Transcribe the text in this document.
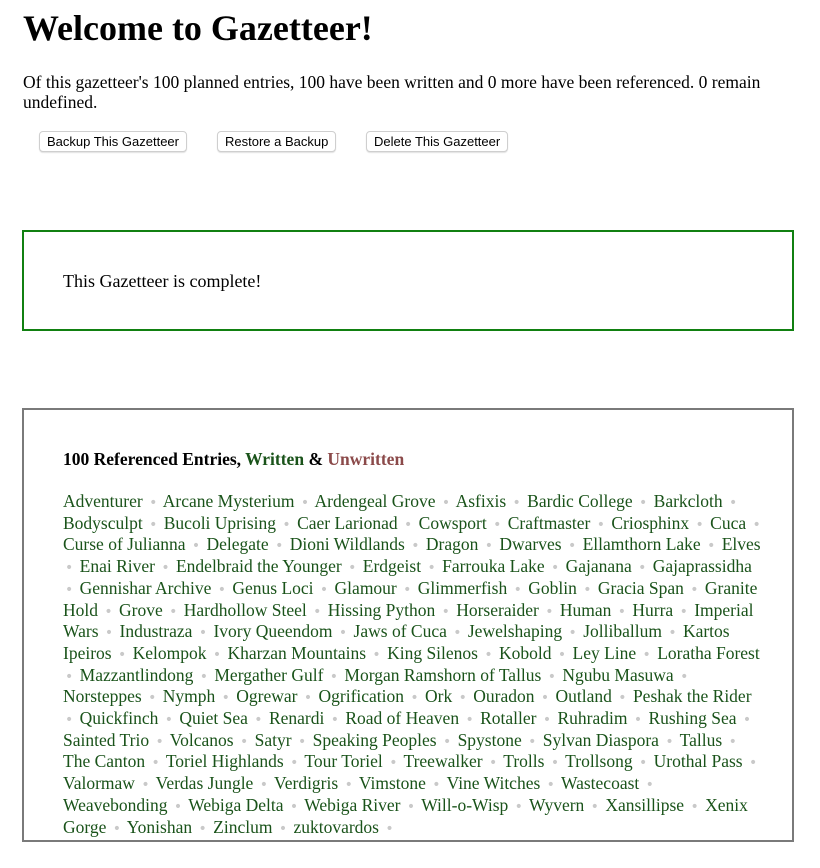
Welcome to Gazetteer!

Of this gazetteer's 100 planned entries, 100 have been written and 0 more have been referenced. 0 remain undefined.

Backup This Gazetteer	Restore a Backup	Delete This Gazetteer

This Gazetteer is complete!

100 Referenced Entries, Written & Unwritten

Adventurer • Arcane Mysterium • Ardengeal Grove • Asfixis • Bardic College • Barkcloth • Bodysculpt • Bucoli Uprising • Caer Larionad • Cowsport • Craftmaster • Criosphinx • Cuca • Curse of Julianna • Delegate • Dioni Wildlands • Dragon • Dwarves • Ellamthorn Lake • Elves • Enai River • Endelbraid the Younger • Erdgeist • Farrouka Lake • Gajanana • Gajaprassidha • Gennishar Archive • Genus Loci • Glamour • Glimmerfish • Goblin • Gracia Span • Granite Hold • Grove • Hardhollow Steel • Hissing Python • Horseraider • Human • Hurra • Imperial Wars • Industraza • Ivory Queendom • Jaws of Cuca • Jewelshaping • Jolliballum • Kartos Ipeiros • Kelompok • Kharzan Mountains • King Silenos • Kobold • Ley Line • Loratha Forest • Mazzantlindong • Mergather Gulf • Morgan Ramshorn of Tallus • Ngubu Masuwa • Norsteppes • Nymph • Ogrewar • Ogrification • Ork • Ouradon • Outland • Peshak the Rider • Quickfinch • Quiet Sea • Renardi • Road of Heaven • Rotaller • Ruhradim • Rushing Sea • Sainted Trio • Volcanos • Satyr • Speaking Peoples • Spystone • Sylvan Diaspora • Tallus • The Canton • Toriel Highlands • Tour Toriel • Treewalker • Trolls • Trollsong • Urothal Pass • Valormaw • Verdas Jungle • Verdigris • Vimstone • Vine Witches • Wastecoast • Weavebonding • Webiga Delta • Webiga River • Will-o-Wisp • Wyvern • Xansillipse • Xenix Gorge • Yonishan • Zinclum • zuktovardos •
